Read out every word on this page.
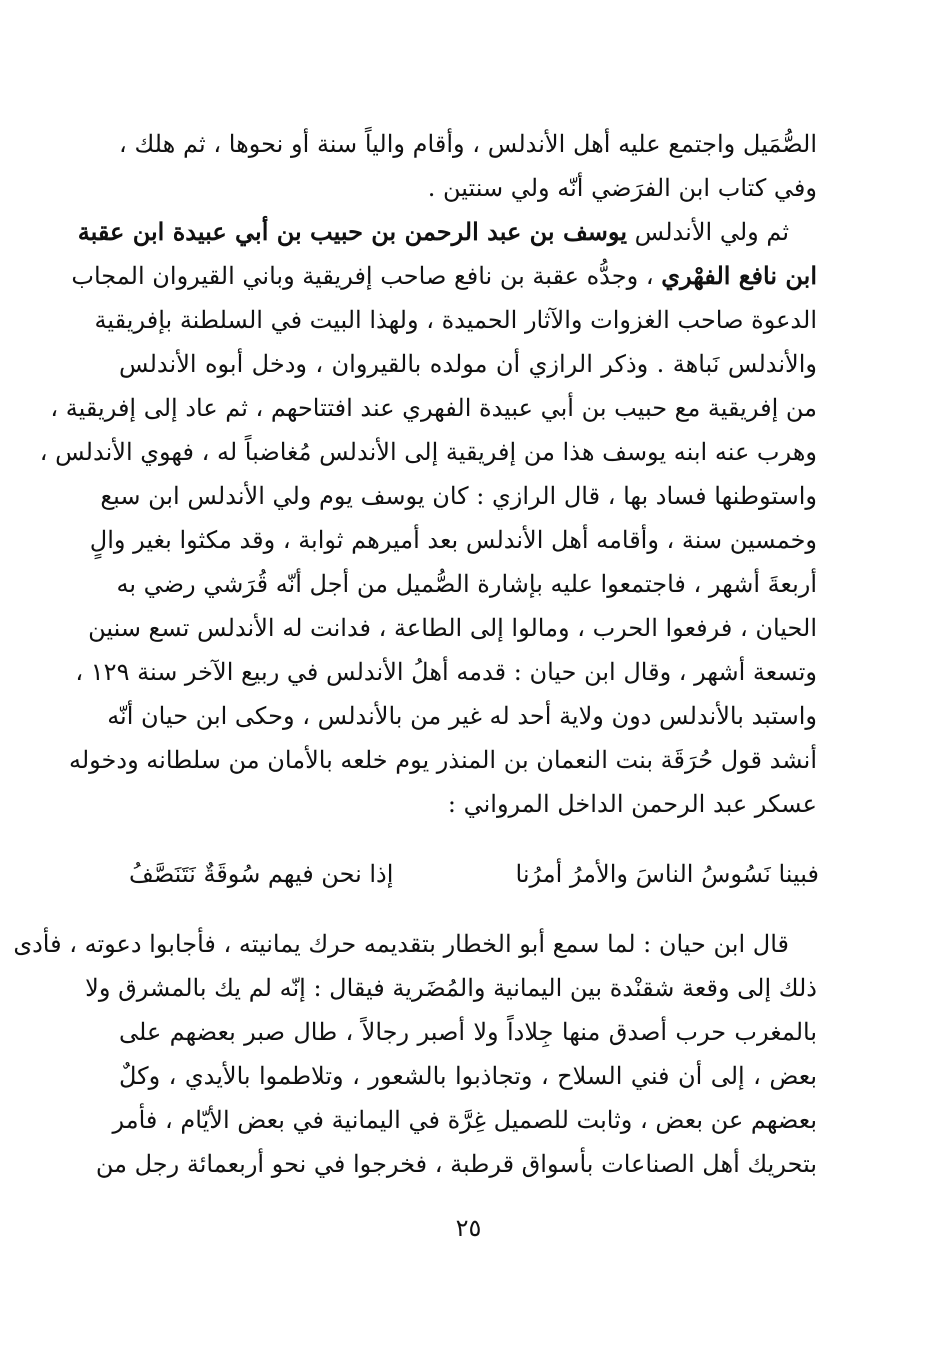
الصُّمَيل واجتمع عليه أهل الأندلس ، وأقام والياً سنة أو نحوها ، ثم هلك ،
وفي كتاب ابن الفرَضي أنّه ولي سنتين .
ثم ولي الأندلس يوسف بن عبد الرحمن بن حبيب بن أبي عبيدة ابن عقبة
ابن نافع الفهْري ، وجدُّه عقبة بن نافع صاحب إفريقية وباني القيروان المجاب
الدعوة صاحب الغزوات والآثار الحميدة ، ولهذا البيت في السلطنة بإفريقية
والأندلس نَباهة . وذكر الرازي أن مولده بالقيروان ، ودخل أبوه الأندلس
من إفريقية مع حبيب بن أبي عبيدة الفهري عند افتتاحهم ، ثم عاد إلى إفريقية ،
وهرب عنه ابنه يوسف هذا من إفريقية إلى الأندلس مُغاضباً له ، فهوي الأندلس ،
واستوطنها فساد بها ، قال الرازي : كان يوسف يوم ولي الأندلس ابن سبع
وخمسين سنة ، وأقامه أهل الأندلس بعد أميرهم ثوابة ، وقد مكثوا بغير والٍ
أربعةَ أشهر ، فاجتمعوا عليه بإشارة الصُّميل من أجل أنّه قُرَشي رضي به
الحيان ، فرفعوا الحرب ، ومالوا إلى الطاعة ، فدانت له الأندلس تسع سنين
وتسعة أشهر ، وقال ابن حيان : قدمه أهلُ الأندلس في ربيع الآخر سنة ١٢٩ ،
واستبد بالأندلس دون ولاية أحد له غير من بالأندلس ، وحكى ابن حيان أنّه
أنشد قول حُرَقَة بنت النعمان بن المنذر يوم خلعه بالأمان من سلطانه ودخوله
عسكر عبد الرحمن الداخل المرواني :
فبينا نَسُوسُ الناسَ والأمرُ أمرُنا
إذا نحن فيهم سُوقَةٌ نَتَنَصَّفُ
قال ابن حيان : لما سمع أبو الخطار بتقديمه حرك يمانيته ، فأجابوا دعوته ، فأدى
ذلك إلى وقعة شقنْدة بين اليمانية والمُضَرية فيقال : إنّه لم يك بالمشرق ولا
بالمغرب حرب أصدق منها جِلاداً ولا أصبر رجالاً ، طال صبر بعضهم على
بعض ، إلى أن فني السلاح ، وتجاذبوا بالشعور ، وتلاطموا بالأيدي ، وكلٌ
بعضهم عن بعض ، وثابت للصميل غِرَّة في اليمانية في بعض الأيّام ، فأمر
بتحريك أهل الصناعات بأسواق قرطبة ، فخرجوا في نحو أربعمائة رجل من
٢٥
